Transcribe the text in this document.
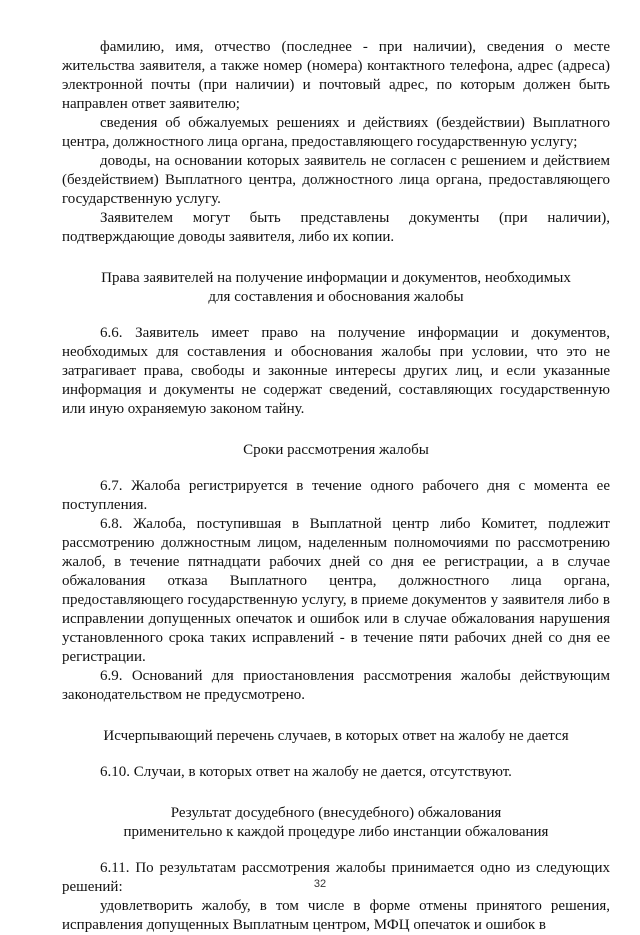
фамилию, имя, отчество (последнее - при наличии), сведения о месте жительства заявителя, а также номер (номера) контактного телефона, адрес (адреса) электронной почты (при наличии) и почтовый адрес, по которым должен быть направлен ответ заявителю;

сведения об обжалуемых решениях и действиях (бездействии) Выплатного центра, должностного лица органа, предоставляющего государственную услугу;

доводы, на основании которых заявитель не согласен с решением и действием (бездействием) Выплатного центра, должностного лица органа, предоставляющего государственную услугу.

Заявителем могут быть представлены документы (при наличии), подтверждающие доводы заявителя, либо их копии.

Права заявителей на получение информации и документов, необходимых
для составления и обоснования жалобы

6.6. Заявитель имеет право на получение информации и документов, необходимых для составления и обоснования жалобы при условии, что это не затрагивает права, свободы и законные интересы других лиц, и если указанные информация и документы не содержат сведений, составляющих государственную или иную охраняемую законом тайну.

Сроки рассмотрения жалобы

6.7. Жалоба регистрируется в течение одного рабочего дня с момента ее поступления.

6.8. Жалоба, поступившая в Выплатной центр либо Комитет, подлежит рассмотрению должностным лицом, наделенным полномочиями по рассмотрению жалоб, в течение пятнадцати рабочих дней со дня ее регистрации, а в случае обжалования отказа Выплатного центра, должностного лица органа, предоставляющего государственную услугу, в приеме документов у заявителя либо в исправлении допущенных опечаток и ошибок или в случае обжалования нарушения установленного срока таких исправлений - в течение пяти рабочих дней со дня ее регистрации.

6.9. Оснований для приостановления рассмотрения жалобы действующим законодательством не предусмотрено.

Исчерпывающий перечень случаев, в которых ответ на жалобу не дается

6.10. Случаи, в которых ответ на жалобу не дается, отсутствуют.

Результат досудебного (внесудебного) обжалования
применительно к каждой процедуре либо инстанции обжалования

6.11. По результатам рассмотрения жалобы принимается одно из следующих решений:

удовлетворить жалобу, в том числе в форме отмены принятого решения, исправления допущенных Выплатным центром, МФЦ опечаток и ошибок в

32
